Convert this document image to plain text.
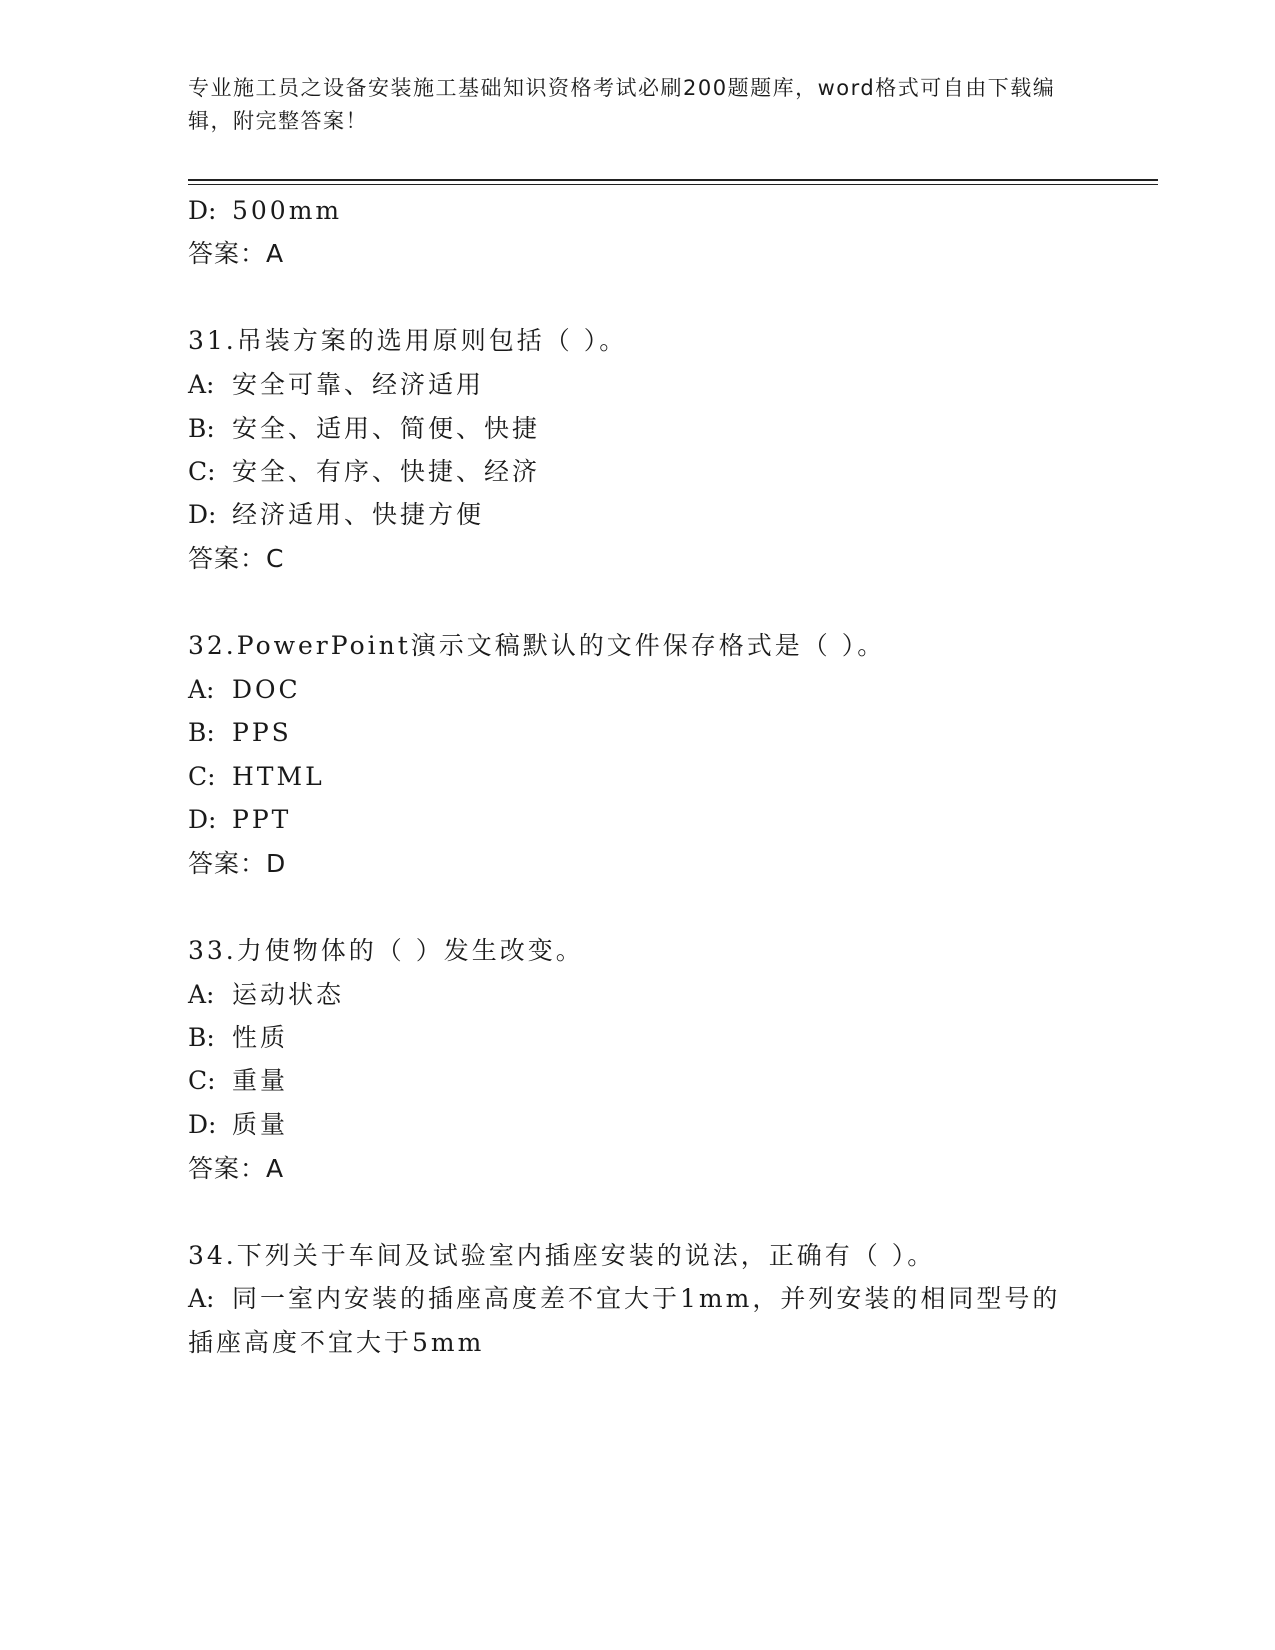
专业施工员之设备安装施工基础知识资格考试必刷200题题库，word格式可自由下载编辑，附完整答案！
D: 500mm
答案：A
31.吊装方案的选用原则包括（ ）。
A: 安全可靠、经济适用
B: 安全、适用、简便、快捷
C: 安全、有序、快捷、经济
D: 经济适用、快捷方便
答案：C
32.PowerPoint演示文稿默认的文件保存格式是（ ）。
A: DOC
B: PPS
C: HTML
D: PPT
答案：D
33.力使物体的（ ）发生改变。
A: 运动状态
B: 性质
C: 重量
D: 质量
答案：A
34.下列关于车间及试验室内插座安装的说法，正确有（ ）。
A: 同一室内安装的插座高度差不宜大于1mm，并列安装的相同型号的
插座高度不宜大于5mm
